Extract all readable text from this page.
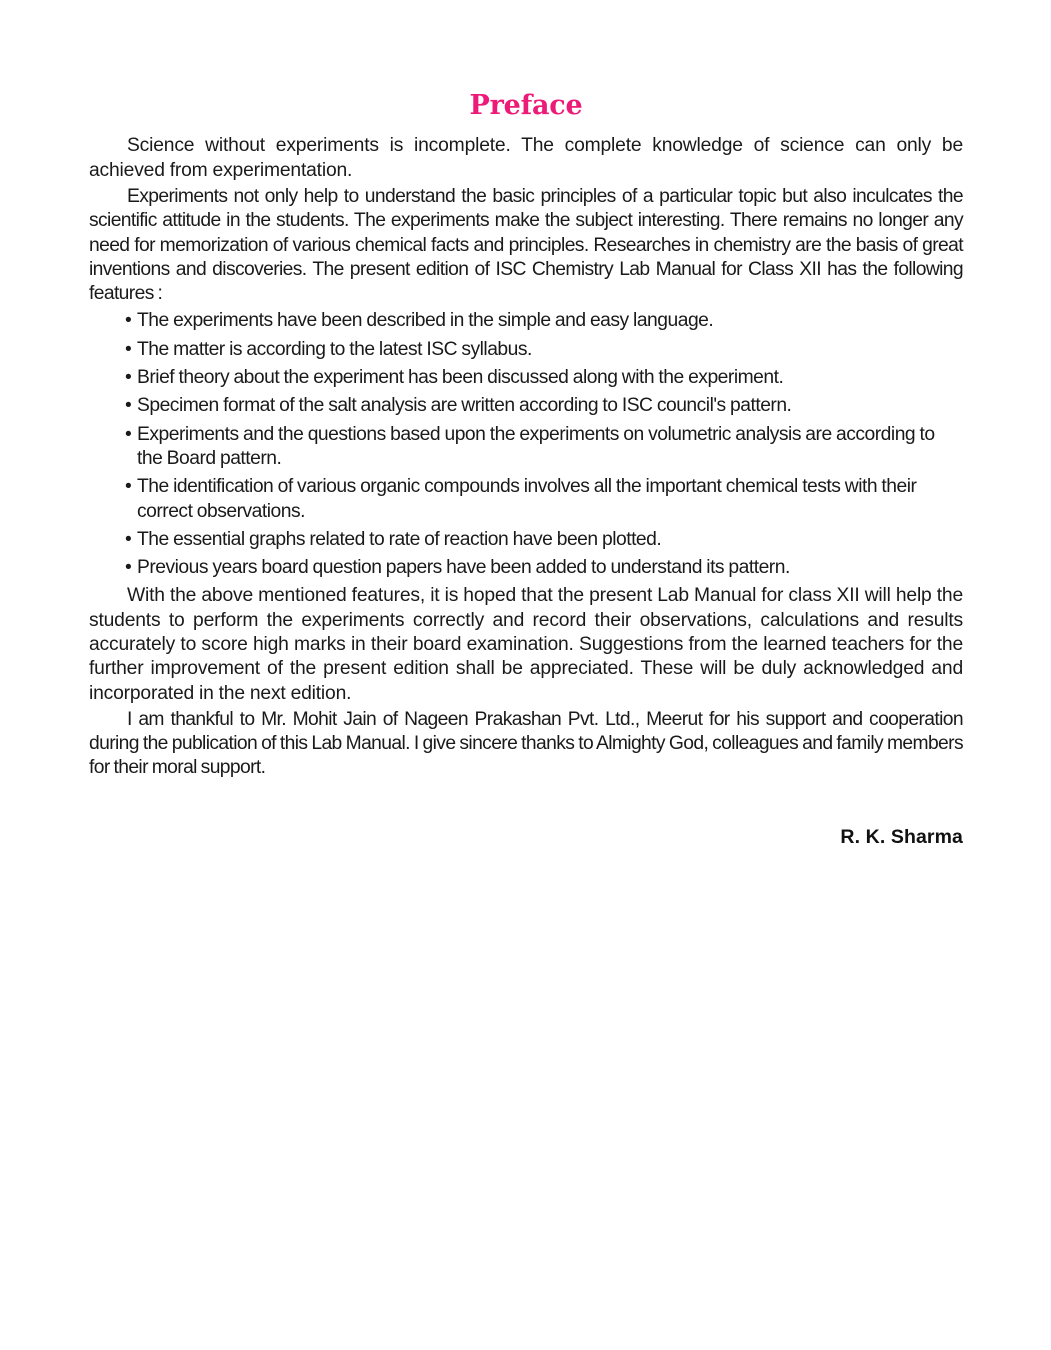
Preface

Science without experiments is incomplete. The complete knowledge of science can only be achieved from experimentation.

Experiments not only help to understand the basic principles of a particular topic but also inculcates the scientific attitude in the students. The experiments make the subject interesting. There remains no longer any need for memorization of various chemical facts and principles. Researches in chemistry are the basis of great inventions and discoveries. The present edition of ISC Chemistry Lab Manual for Class XII has the following features :

• The experiments have been described in the simple and easy language.
• The matter is according to the latest ISC syllabus.
• Brief theory about the experiment has been discussed along with the experiment.
• Specimen format of the salt analysis are written according to ISC council's pattern.
• Experiments and the questions based upon the experiments on volumetric analysis are according to the Board pattern.
• The identification of various organic compounds involves all the important chemical tests with their correct observations.
• The essential graphs related to rate of reaction have been plotted.
• Previous years board question papers have been added to understand its pattern.

With the above mentioned features, it is hoped that the present Lab Manual for class XII will help the students to perform the experiments correctly and record their observations, calculations and results accurately to score high marks in their board examination. Suggestions from the learned teachers for the further improvement of the present edition shall be appreciated. These will be duly acknowledged and incorporated in the next edition.

I am thankful to Mr. Mohit Jain of Nageen Prakashan Pvt. Ltd., Meerut for his support and cooperation during the publication of this Lab Manual. I give sincere thanks to Almighty God, colleagues and family members for their moral support.

R. K. Sharma
